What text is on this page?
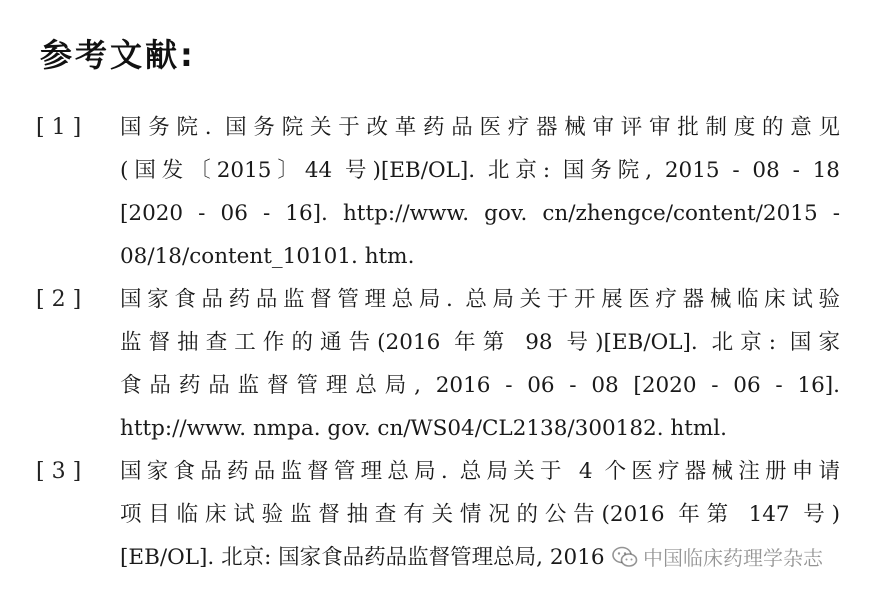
参考文献:
[ 1 ] 国务院. 国务院关于改革药品医疗器械审评审批制度的意见
(国发〔2015〕44 号)[EB/OL]. 北京: 国务院, 2015 - 08 - 18
[2020 - 06 - 16]. http://www. gov. cn/zhengce/content/2015 -
08/18/content_10101. htm.
[ 2 ] 国家食品药品监督管理总局. 总局关于开展医疗器械临床试验
监督抽查工作的通告(2016 年第 98 号)[EB/OL]. 北京: 国家
食品药品监督管理总局, 2016 - 06 - 08 [2020 - 06 - 16].
http://www. nmpa. gov. cn/WS04/CL2138/300182. html.
[ 3 ] 国家食品药品监督管理总局. 总局关于 4 个医疗器械注册申请
项目临床试验监督抽查有关情况的公告(2016 年第 147 号)
[EB/OL]. 北京: 国家食品药品监督管理总局, 2016	中国临床药理学杂志
